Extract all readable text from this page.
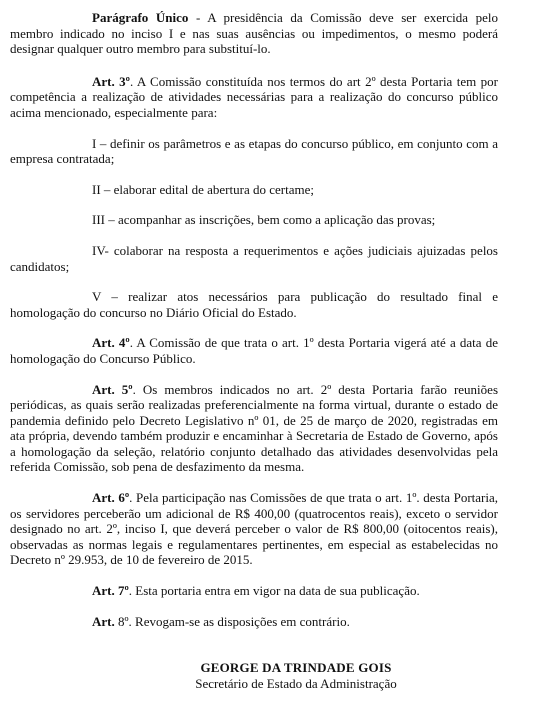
Parágrafo Único - A presidência da Comissão deve ser exercida pelo membro indicado no inciso I e nas suas ausências ou impedimentos, o mesmo poderá designar qualquer outro membro para substituí-lo.

Art. 3º. A Comissão constituída nos termos do art 2º desta Portaria tem por competência a realização de atividades necessárias para a realização do concurso público acima mencionado, especialmente para:

I – definir os parâmetros e as etapas do concurso público, em conjunto com a empresa contratada;

II – elaborar edital de abertura do certame;

III – acompanhar as inscrições, bem como a aplicação das provas;

IV- colaborar na resposta a requerimentos e ações judiciais ajuizadas pelos candidatos;

V – realizar atos necessários para publicação do resultado final e homologação do concurso no Diário Oficial do Estado.

Art. 4º. A Comissão de que trata o art. 1º desta Portaria vigerá até a data de homologação do Concurso Público.

Art. 5º. Os membros indicados no art. 2º desta Portaria farão reuniões periódicas, as quais serão realizadas preferencialmente na forma virtual, durante o estado de pandemia definido pelo Decreto Legislativo nº 01, de 25 de março de 2020, registradas em ata própria, devendo também produzir e encaminhar à Secretaria de Estado de Governo, após a homologação da seleção, relatório conjunto detalhado das atividades desenvolvidas pela referida Comissão, sob pena de desfazimento da mesma.

Art. 6º. Pela participação nas Comissões de que trata o art. 1º. desta Portaria, os servidores perceberão um adicional de R$ 400,00 (quatrocentos reais), exceto o servidor designado no art. 2º, inciso I, que deverá perceber o valor de R$ 800,00 (oitocentos reais), observadas as normas legais e regulamentares pertinentes, em especial as estabelecidas no Decreto nº 29.953, de 10 de fevereiro de 2015.

Art. 7º. Esta portaria entra em vigor na data de sua publicação.

Art. 8º. Revogam-se as disposições em contrário.

GEORGE DA TRINDADE GOIS
Secretário de Estado da Administração
